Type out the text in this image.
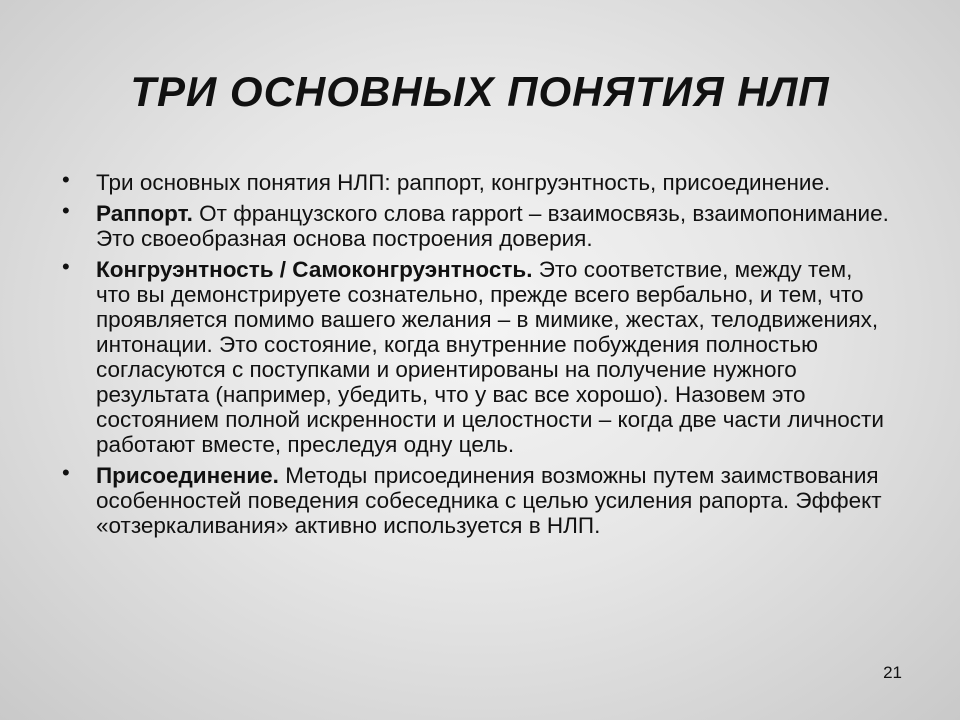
ТРИ ОСНОВНЫХ ПОНЯТИЯ НЛП
• Три основных понятия НЛП: раппорт, конгруэнтность, присоединение.
• Раппорт. От французского слова rapport – взаимосвязь, взаимопонимание. Это своеобразная основа построения доверия.
• Конгруэнтность / Самоконгруэнтность. Это соответствие, между тем, что вы демонстрируете сознательно, прежде всего вербально, и тем, что проявляется помимо вашего желания – в мимике, жестах, телодвижениях, интонации. Это состояние, когда внутренние побуждения полностью согласуются с поступками и ориентированы на получение нужного результата (например, убедить, что у вас все хорошо). Назовем это состоянием полной искренности и целостности – когда две части личности работают вместе, преследуя одну цель.
• Присоединение. Методы присоединения возможны путем заимствования особенностей поведения собеседника с целью усиления рапорта. Эффект «отзеркаливания» активно используется в НЛП.
21
